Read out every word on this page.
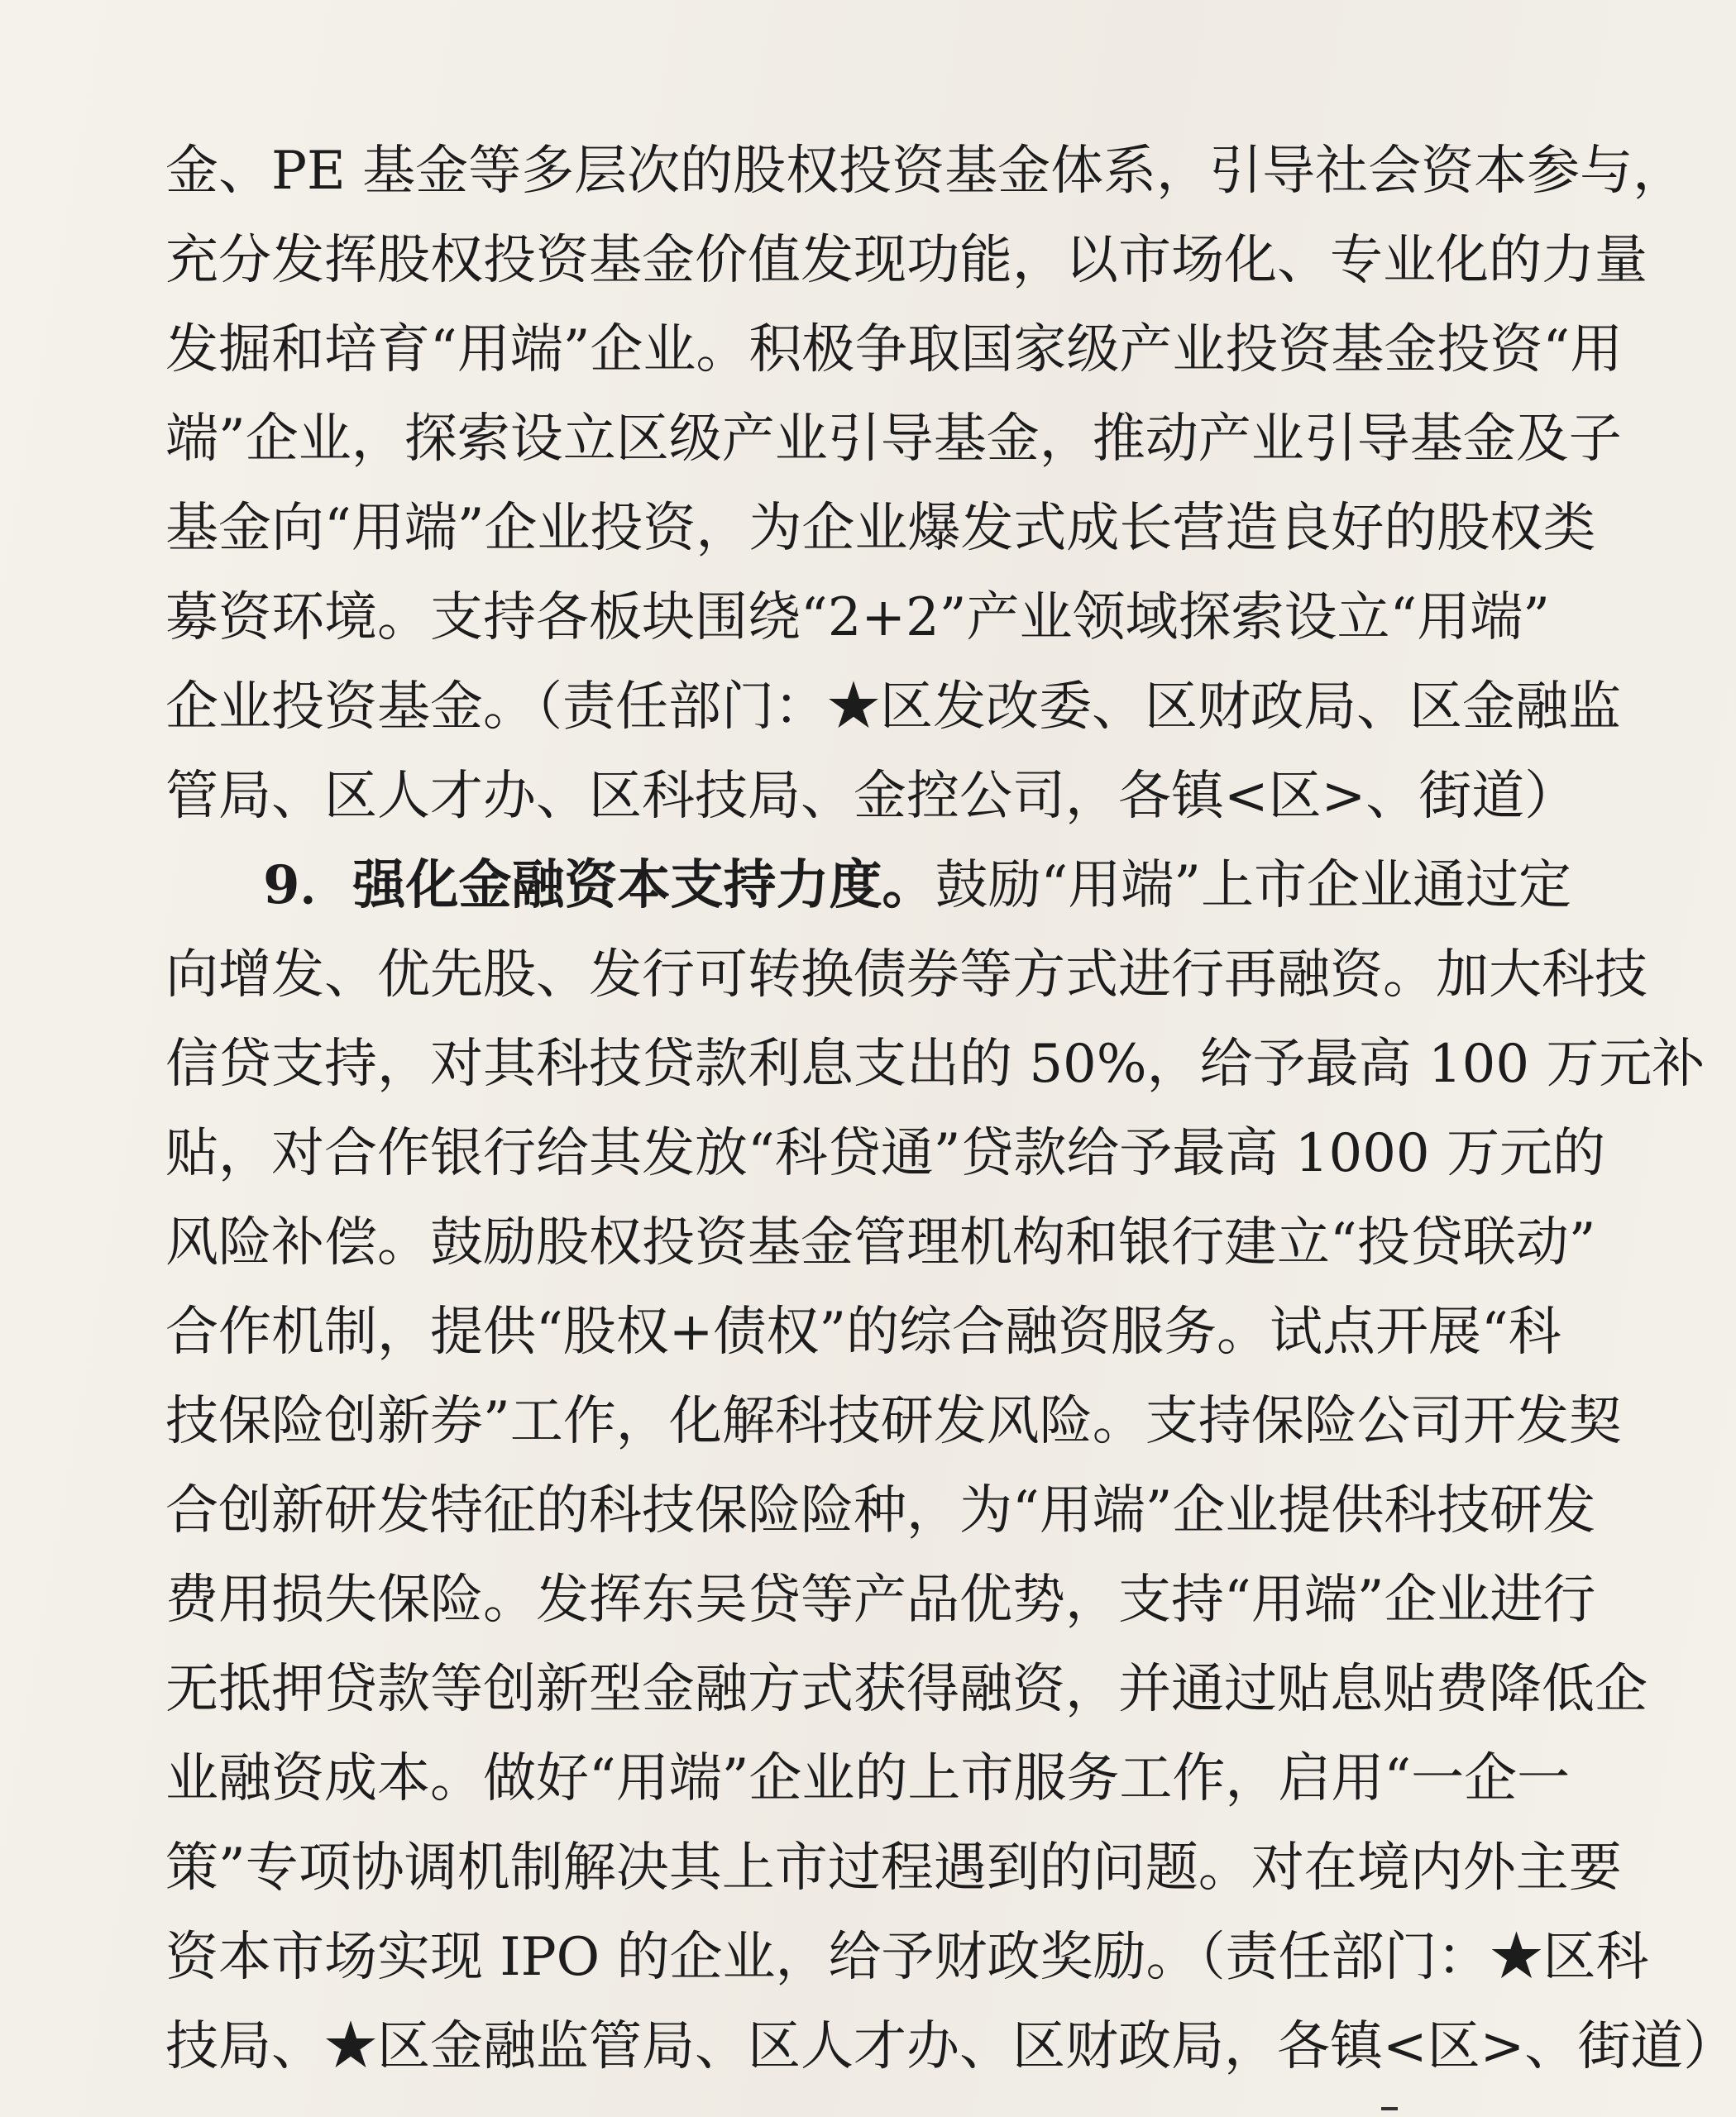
金、PE 基金等多层次的股权投资基金体系，引导社会资本参与，
充分发挥股权投资基金价值发现功能，以市场化、专业化的力量
发掘和培育“用端”企业。积极争取国家级产业投资基金投资“用
端”企业，探索设立区级产业引导基金，推动产业引导基金及子
基金向“用端”企业投资，为企业爆发式成长营造良好的股权类
募资环境。支持各板块围绕“2+2”产业领域探索设立“用端”
企业投资基金。（责任部门：★区发改委、区财政局、区金融监
管局、区人才办、区科技局、金控公司，各镇<区>、街道）
9．强化金融资本支持力度。鼓励“用端”上市企业通过定
向增发、优先股、发行可转换债券等方式进行再融资。加大科技
信贷支持，对其科技贷款利息支出的 50%，给予最高 100 万元补
贴，对合作银行给其发放“科贷通”贷款给予最高 1000 万元的
风险补偿。鼓励股权投资基金管理机构和银行建立“投贷联动”
合作机制，提供“股权+债权”的综合融资服务。试点开展“科
技保险创新券”工作，化解科技研发风险。支持保险公司开发契
合创新研发特征的科技保险险种，为“用端”企业提供科技研发
费用损失保险。发挥东吴贷等产品优势，支持“用端”企业进行
无抵押贷款等创新型金融方式获得融资，并通过贴息贴费降低企
业融资成本。做好“用端”企业的上市服务工作，启用“一企一
策”专项协调机制解决其上市过程遇到的问题。对在境内外主要
资本市场实现 IPO 的企业，给予财政奖励。（责任部门：★区科
技局、★区金融监管局、区人才办、区财政局，各镇<区>、街道）
